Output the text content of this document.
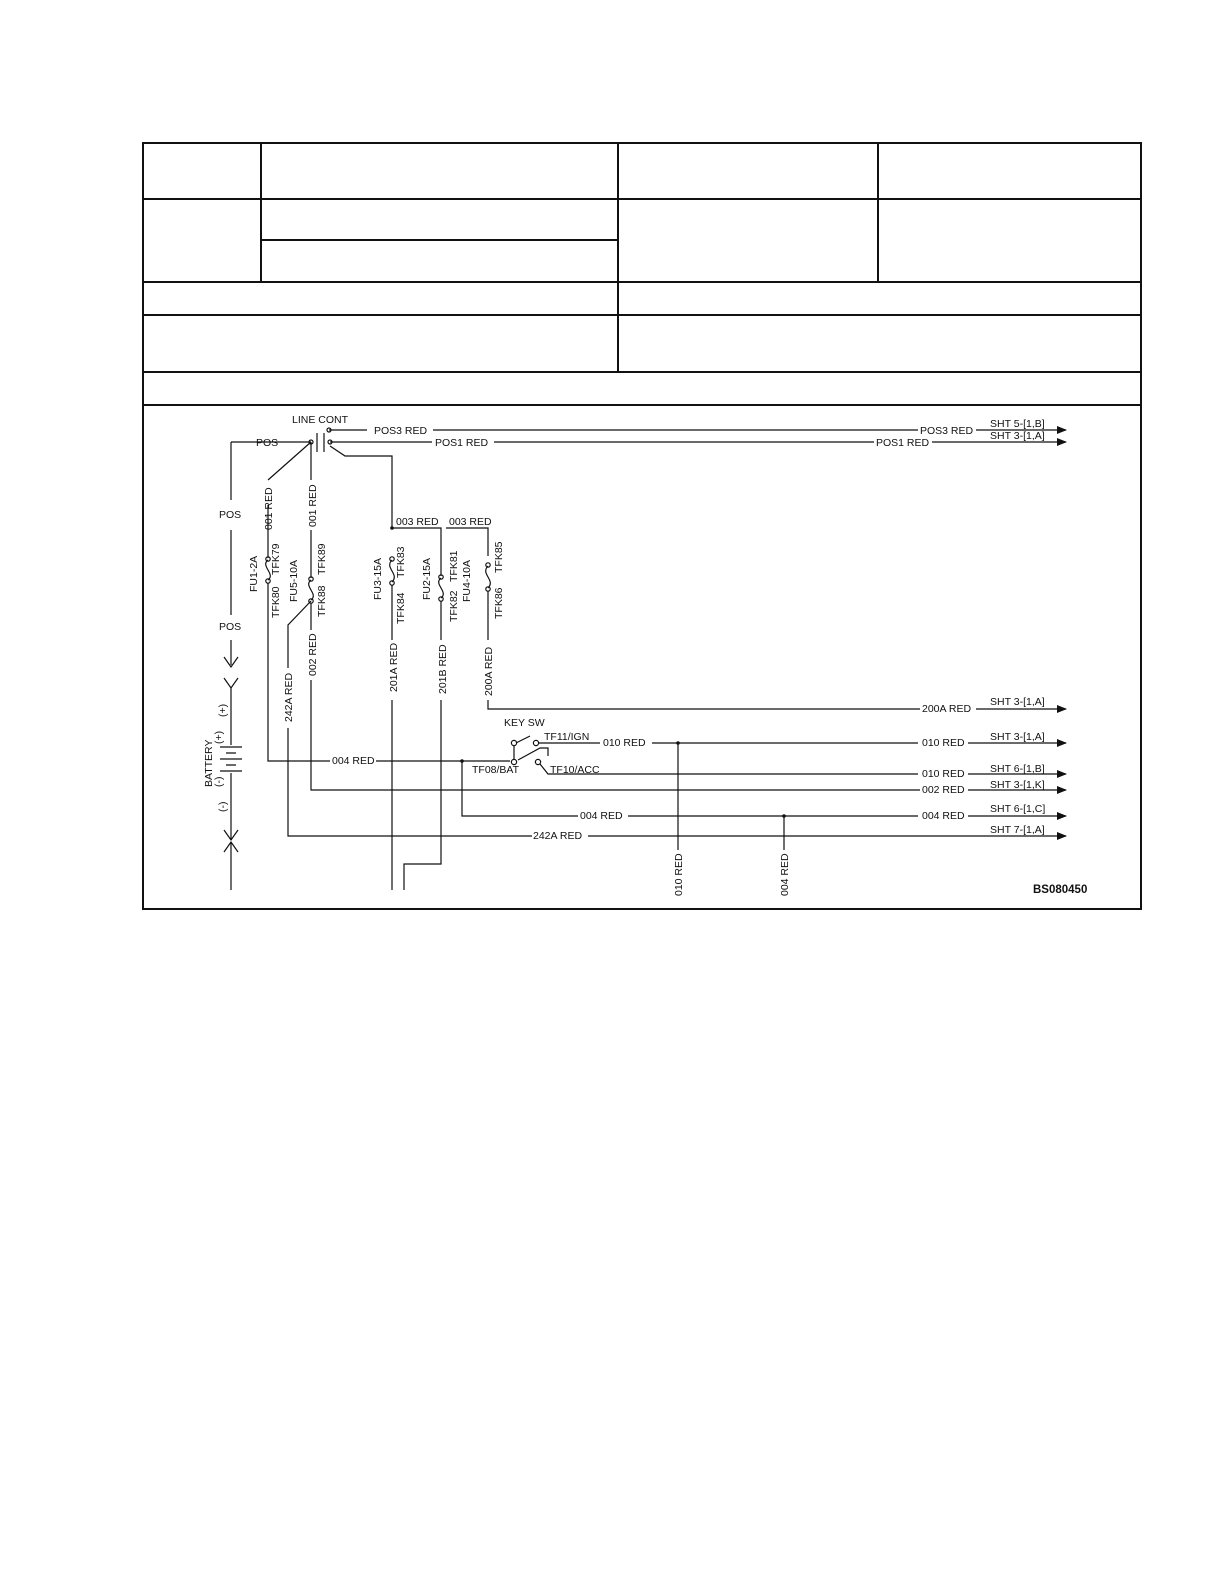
LINE CONT
POS
POS3 RED
POS1 RED
POS3 RED
POS1 RED
SHT 5-[1,B]
SHT 3-[1,A]
POS
POS
003 RED 003 RED
200A RED
SHT 3-[1,A]
KEY SW
TF11/IGN 010 RED	010 RED SHT 3-[1,A]
004 RED
TF08/BAT	TF10/ACC	010 RED SHT 6-[1,B]
002 RED SHT 3-[1,K]
004 RED	004 RED
SHT 6-[1,C]
242A RED	SHT 7-[1,A]
BS080450
001 RED	001 RED
FU1-2A TFK79
TFK80
FU5-10A
TFK89
TFK88
242A RED
002 RED
FU3-15A TFK83
TFK84
201A RED
FU2-15A TFK81
TFK82
FU4-10A
201B RED
TFK85
TFK86
200A RED
BATTERY
(+)
(+)
(-)
(-)
010 RED	004 RED
